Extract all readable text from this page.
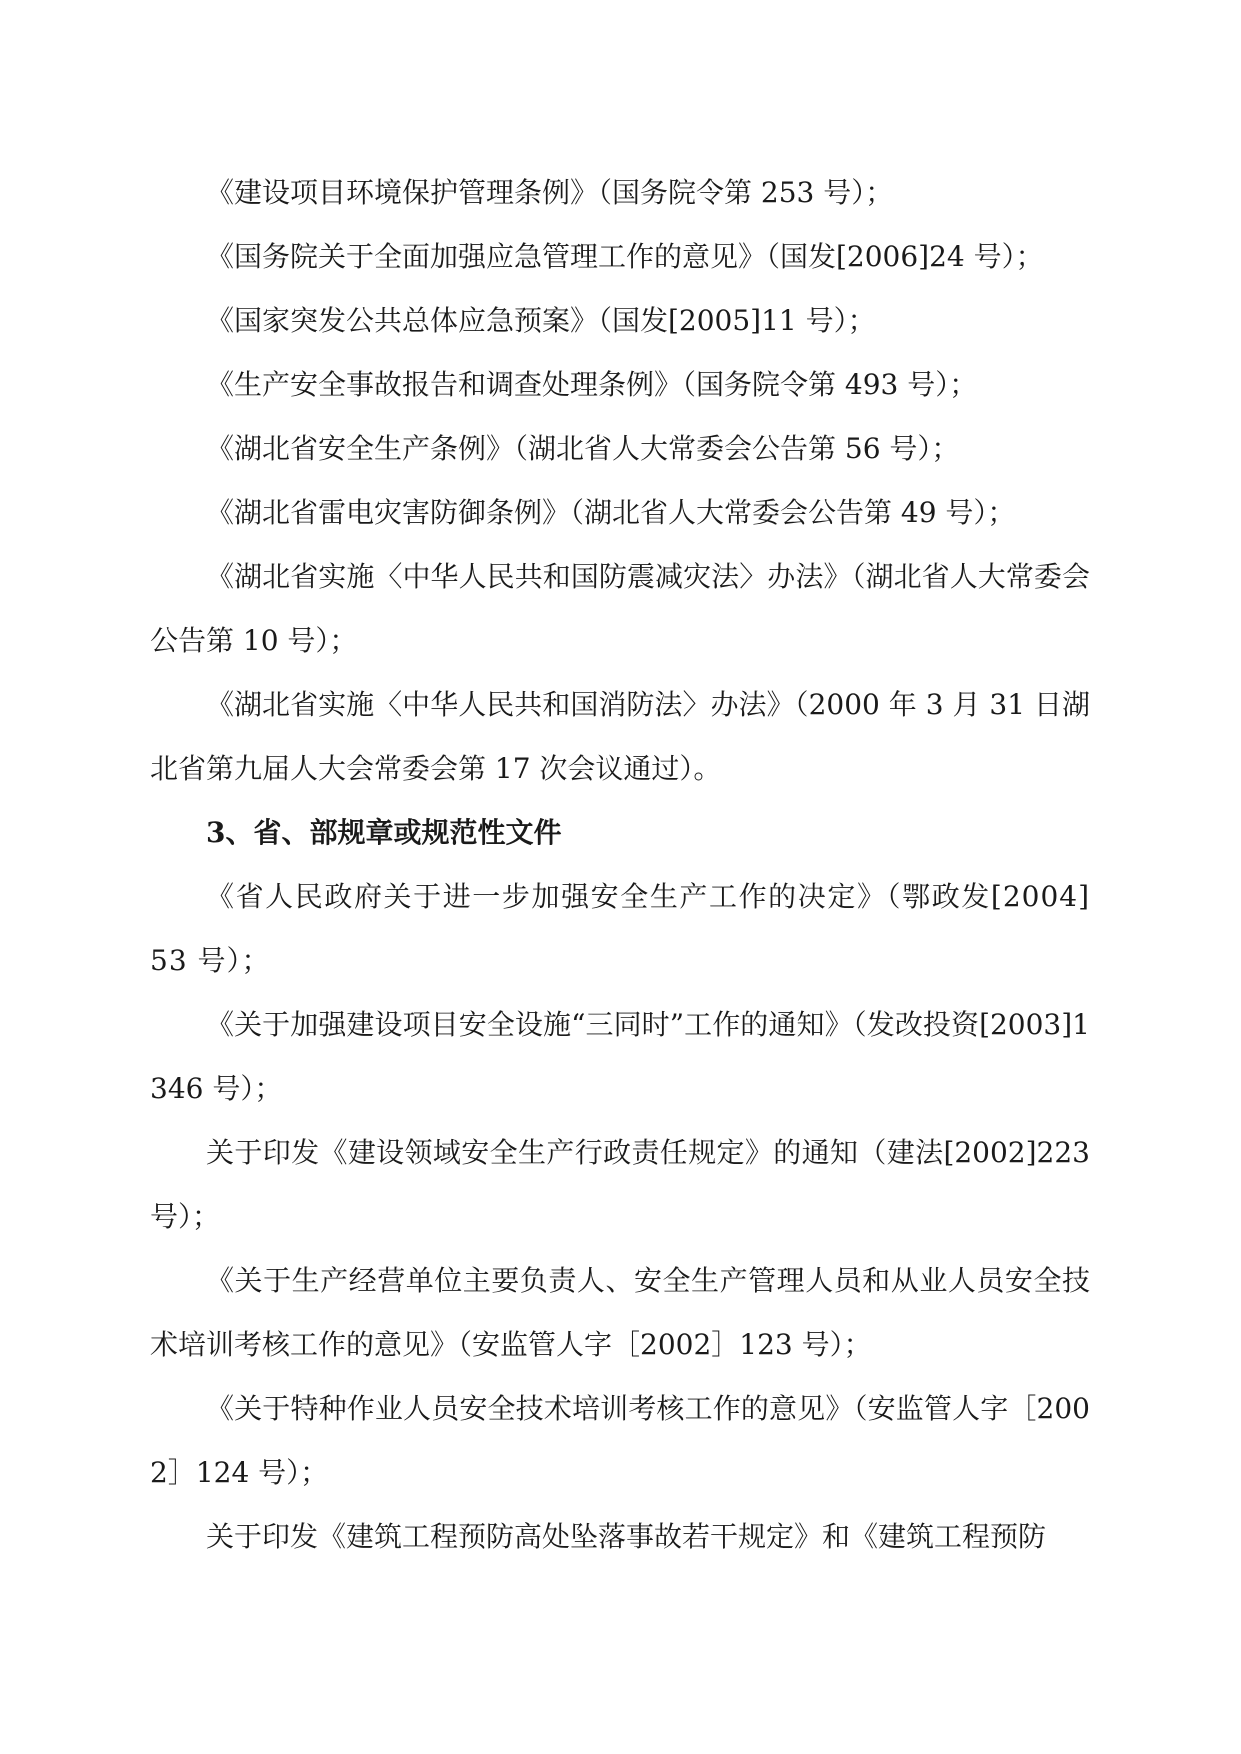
《建设项目环境保护管理条例》（国务院令第 253 号）；

《国务院关于全面加强应急管理工作的意见》（国发[2006]24 号）；

《国家突发公共总体应急预案》（国发[2005]11 号）；

《生产安全事故报告和调查处理条例》（国务院令第 493 号）；

《湖北省安全生产条例》（湖北省人大常委会公告第 56 号）；

《湖北省雷电灾害防御条例》（湖北省人大常委会公告第 49 号）；

《湖北省实施〈中华人民共和国防震减灾法〉办法》（湖北省人大常委会公告第 10 号）；

《湖北省实施〈中华人民共和国消防法〉办法》（2000 年 3 月 31 日湖北省第九届人大会常委会第 17 次会议通过）。

3、省、部规章或规范性文件

《省人民政府关于进一步加强安全生产工作的决定》（鄂政发[2004]53 号）；

《关于加强建设项目安全设施“三同时”工作的通知》（发改投资[2003]1346 号）；

关于印发《建设领域安全生产行政责任规定》的通知（建法[2002]223 号）；

《关于生产经营单位主要负责人、安全生产管理人员和从业人员安全技术培训考核工作的意见》（安监管人字［2002］123 号）；

《关于特种作业人员安全技术培训考核工作的意见》（安监管人字［2002］124 号）；

关于印发《建筑工程预防高处坠落事故若干规定》和《建筑工程预防
